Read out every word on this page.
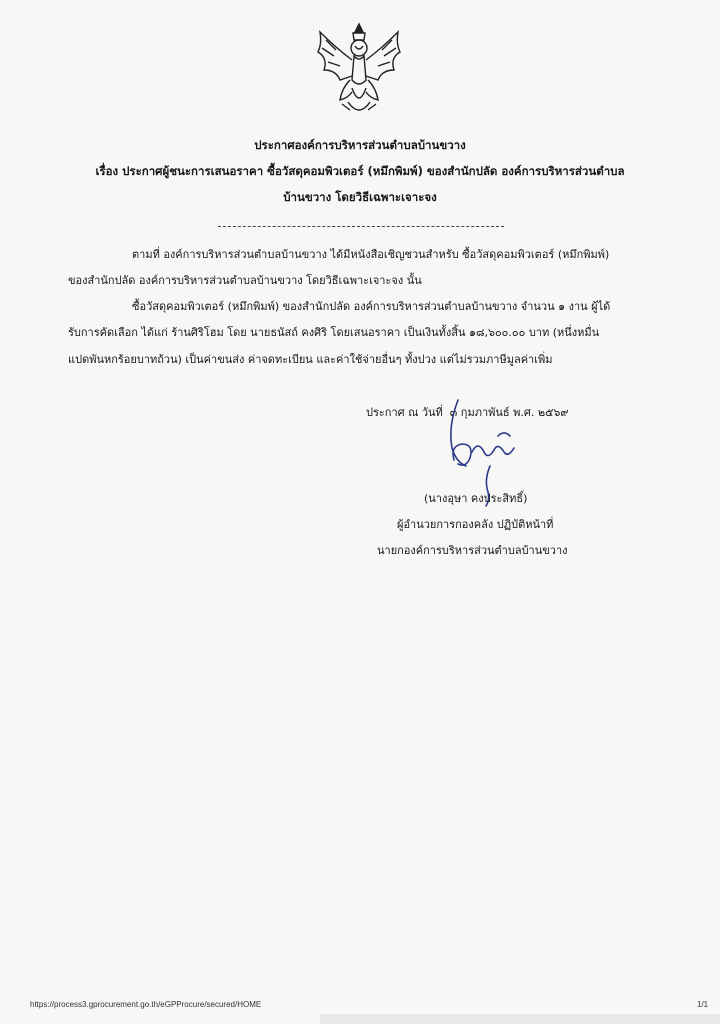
ประกาศองค์การบริหารส่วนตำบลบ้านขวาง
เรื่อง ประกาศผู้ชนะการเสนอราคา ซื้อวัสดุคอมพิวเตอร์ (หมึกพิมพ์) ของสำนักปลัด องค์การบริหารส่วนตำบล
บ้านขวาง โดยวิธีเฉพาะเจาะจง
ตามที่ องค์การบริหารส่วนตำบลบ้านขวาง ได้มีหนังสือเชิญชวนสำหรับ ซื้อวัสดุคอมพิวเตอร์ (หมึกพิมพ์)
ของสำนักปลัด องค์การบริหารส่วนตำบลบ้านขวาง โดยวิธีเฉพาะเจาะจง นั้น
ซื้อวัสดุคอมพิวเตอร์ (หมึกพิมพ์) ของสำนักปลัด องค์การบริหารส่วนตำบลบ้านขวาง จำนวน ๑ งาน ผู้ได้
รับการคัดเลือก ได้แก่ ร้านศิริโฮม โดย นายธนัสถ์ คงศิริ โดยเสนอราคา เป็นเงินทั้งสิ้น ๑๘,๖๐๐.๐๐ บาท (หนึ่งหมื่น
แปดพันหกร้อยบาทถ้วน) เป็นค่าขนส่ง ค่าจดทะเบียน และค่าใช้จ่ายอื่นๆ ทั้งปวง แต่ไม่รวมภาษีมูลค่าเพิ่ม
ประกาศ ณ วันที่ ๓ กุมภาพันธ์ พ.ศ. ๒๕๖๙
(นางอุษา คงประสิทธิ์)
ผู้อำนวยการกองคลัง ปฏิบัติหน้าที่
นายกองค์การบริหารส่วนตำบลบ้านขวาง
https://process3.gprocurement.go.th/eGPProcure/secured/HOME	1/1
